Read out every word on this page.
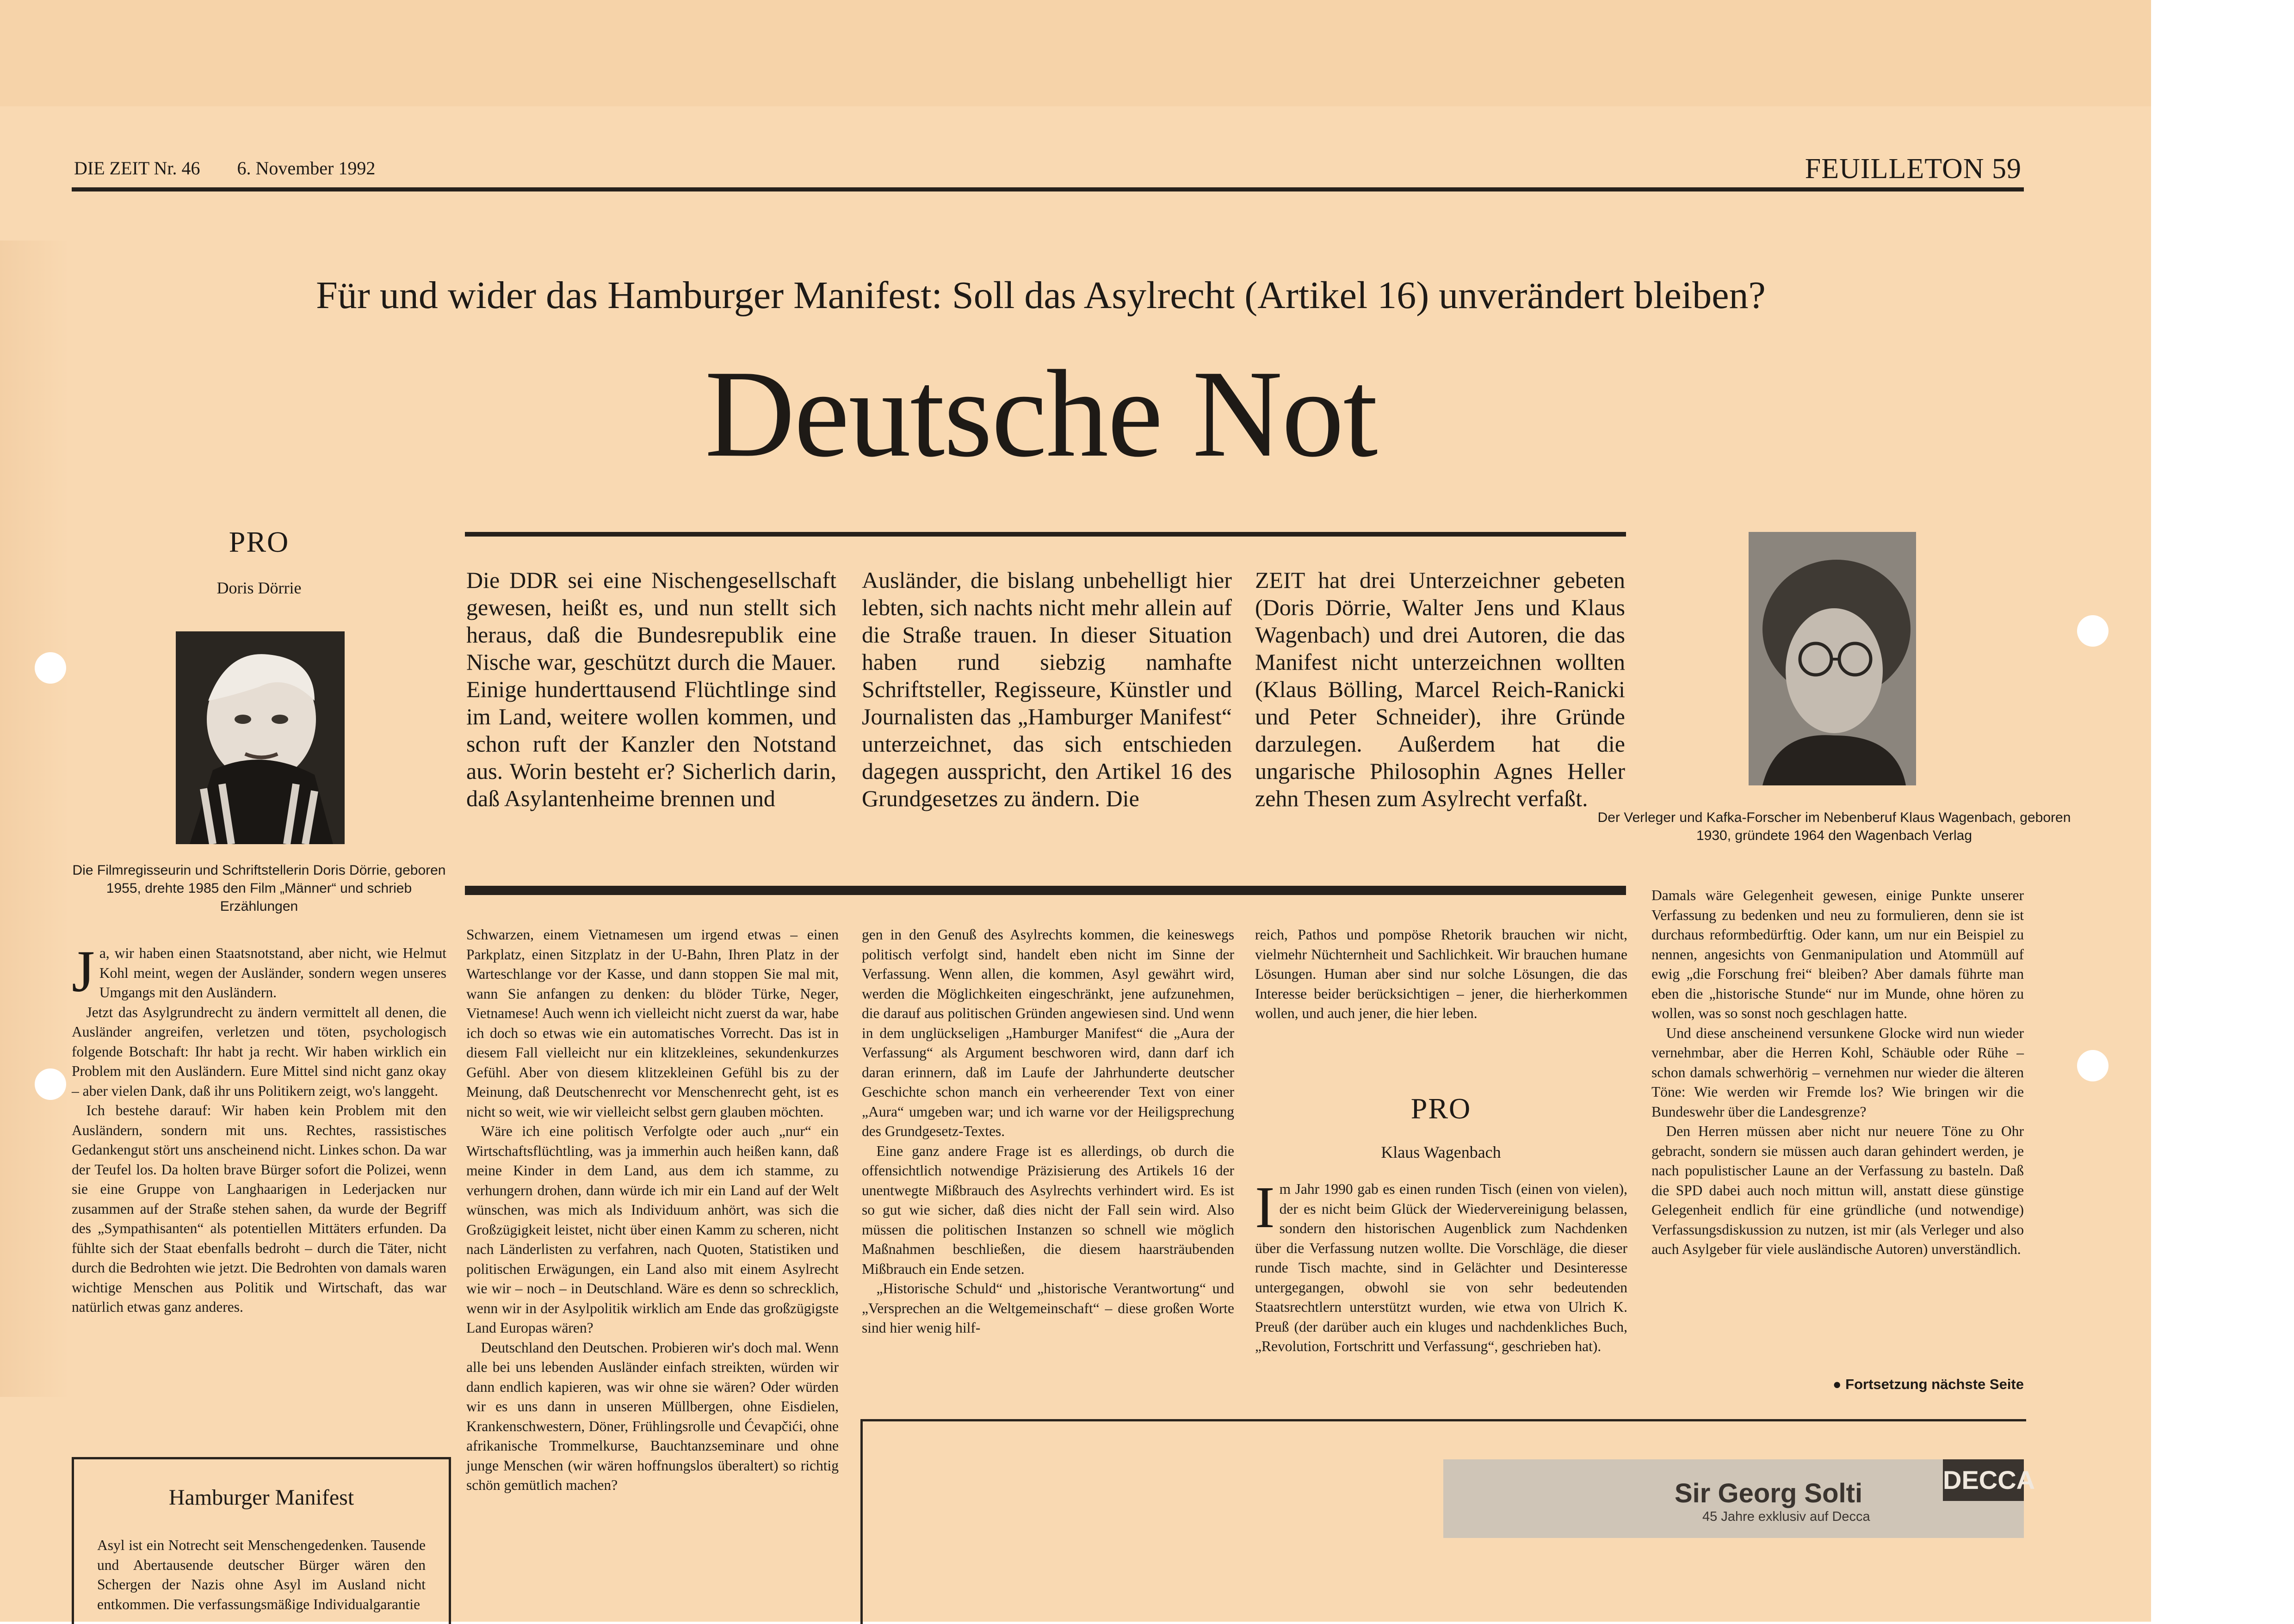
DIE ZEIT Nr. 46 6. November 1992	FEUILLETON 59
Für und wider das Hamburger Manifest: Soll das Asylrecht (Artikel 16) unverändert bleiben?
Deutsche Not
PRO
Doris Dörrie
Die Filmregisseurin und Schriftstellerin Doris Dörrie, geboren 1955, drehte 1985 den Film „Männer“ und schrieb Erzählungen
Die DDR sei eine Nischengesellschaft gewesen, heißt es, und nun stellt sich heraus, daß die Bundesrepublik eine Nische war, geschützt durch die Mauer. Einige hunderttausend Flüchtlinge sind im Land, weitere wollen kommen, und schon ruft der Kanzler den Notstand aus. Worin besteht er? Sicherlich darin, daß Asylantenheime brennen und
Ausländer, die bislang unbehelligt hier lebten, sich nachts nicht mehr allein auf die Straße trauen. In dieser Situation haben rund siebzig namhafte Schriftsteller, Regisseure, Künstler und Journalisten das „Hamburger Manifest“ unterzeichnet, das sich entschieden dagegen ausspricht, den Artikel 16 des Grundgesetzes zu ändern. Die
ZEIT hat drei Unterzeichner gebeten (Doris Dörrie, Walter Jens und Klaus Wagenbach) und drei Autoren, die das Manifest nicht unterzeichnen wollten (Klaus Bölling, Marcel Reich-Ranicki und Peter Schneider), ihre Gründe darzulegen. Außerdem hat die ungarische Philosophin Agnes Heller zehn Thesen zum Asylrecht verfaßt.
Der Verleger und Kafka-Forscher im Nebenberuf Klaus Wagenbach, geboren 1930, gründete 1964 den Wagenbach Verlag

Ja, wir haben einen Staatsnotstand, aber nicht, wie Helmut Kohl meint, wegen der Ausländer, sondern wegen unseres Umgangs mit den Ausländern.

Jetzt das Asylgrundrecht zu ändern vermittelt all denen, die Ausländer angreifen, verletzen und töten, psychologisch folgende Botschaft: Ihr habt ja recht. Wir haben wirklich ein Problem mit den Ausländern. Eure Mittel sind nicht ganz okay – aber vielen Dank, daß ihr uns Politikern zeigt, wo's langgeht.

Ich bestehe darauf: Wir haben kein Problem mit den Ausländern, sondern mit uns. Rechtes, rassistisches Gedankengut stört uns anscheinend nicht. Linkes schon. Da war der Teufel los. Da holten brave Bürger sofort die Polizei, wenn sie eine Gruppe von Langhaarigen in Lederjacken nur zusammen auf der Straße stehen sahen, da wurde der Begriff des „Sympathisanten“ als potentiellen Mittäters erfunden. Da fühlte sich der Staat ebenfalls bedroht – durch die Täter, nicht durch die Bedrohten wie jetzt. Die Bedrohten von damals waren wichtige Menschen aus Politik und Wirtschaft, das war natürlich etwas ganz anderes.

Hamburger Manifest

Asyl ist ein Notrecht seit Menschengedenken. Tausende und Abertausende deutscher Bürger wären den Schergen der Nazis ohne Asyl im Ausland nicht entkommen. Die verfassungsmäßige Individualgarantie

Schwarzen, einem Vietnamesen um irgend etwas – einen Parkplatz, einen Sitzplatz in der U-Bahn, Ihren Platz in der Warteschlange vor der Kasse, und dann stoppen Sie mal mit, wann Sie anfangen zu denken: du blöder Türke, Neger, Vietnamese! Auch wenn ich vielleicht nicht zuerst da war, habe ich doch so etwas wie ein automatisches Vorrecht. Das ist in diesem Fall vielleicht nur ein klitzekleines, sekundenkurzes Gefühl. Aber von diesem klitzekleinen Gefühl bis zu der Meinung, daß Deutschenrecht vor Menschenrecht geht, ist es nicht so weit, wie wir vielleicht selbst gern glauben möchten.

Wäre ich eine politisch Verfolgte oder auch „nur“ ein Wirtschaftsflüchtling, was ja immerhin auch heißen kann, daß meine Kinder in dem Land, aus dem ich stamme, zu verhungern drohen, dann würde ich mir ein Land auf der Welt wünschen, was mich als Individuum anhört, was sich die Großzügigkeit leistet, nicht über einen Kamm zu scheren, nicht nach Länderlisten zu verfahren, nach Quoten, Statistiken und politischen Erwägungen, ein Land also mit einem Asylrecht wie wir – noch – in Deutschland. Wäre es denn so schrecklich, wenn wir in der Asylpolitik wirklich am Ende das großzügigste Land Europas wären?

Deutschland den Deutschen. Probieren wir's doch mal. Wenn alle bei uns lebenden Ausländer einfach streikten, würden wir dann endlich kapieren, was wir ohne sie wären? Oder würden wir es uns dann in unseren Müllbergen, ohne Eisdielen, Krankenschwestern, Döner, Frühlingsrolle und Ćevapčići, ohne afrikanische Trommelkurse, Bauchtanzseminare und ohne junge Menschen (wir wären hoffnungslos überaltert) so richtig schön gemütlich machen?

gen in den Genuß des Asylrechts kommen, die keineswegs politisch verfolgt sind, handelt eben nicht im Sinne der Verfassung. Wenn allen, die kommen, Asyl gewährt wird, werden die Möglichkeiten eingeschränkt, jene aufzunehmen, die darauf aus politischen Gründen angewiesen sind. Und wenn in dem unglückseligen „Hamburger Manifest“ die „Aura der Verfassung“ als Argument beschworen wird, dann darf ich daran erinnern, daß im Laufe der Jahrhunderte deutscher Geschichte schon manch ein verheerender Text von einer „Aura“ umgeben war; und ich warne vor der Heiligsprechung des Grundgesetz-Textes.

Eine ganz andere Frage ist es allerdings, ob durch die offensichtlich notwendige Präzisierung des Artikels 16 der unentwegte Mißbrauch des Asylrechts verhindert wird. Es ist so gut wie sicher, daß dies nicht der Fall sein wird. Also müssen die politischen Instanzen so schnell wie möglich Maßnahmen beschließen, die diesem haarsträubenden Mißbrauch ein Ende setzen.

„Historische Schuld“ und „historische Verantwortung“ und „Versprechen an die Weltgemeinschaft“ – diese großen Worte sind hier wenig hilf-

reich, Pathos und pompöse Rhetorik brauchen wir nicht, vielmehr Nüchternheit und Sachlichkeit. Wir brauchen humane Lösungen. Human aber sind nur solche Lösungen, die das Interesse beider berücksichtigen – jener, die hierherkommen wollen, und auch jener, die hier leben.

PRO
Klaus Wagenbach

Im Jahr 1990 gab es einen runden Tisch (einen von vielen), der es nicht beim Glück der Wiedervereinigung belassen, sondern den historischen Augenblick zum Nachdenken über die Verfassung nutzen wollte. Die Vorschläge, die dieser runde Tisch machte, sind in Gelächter und Desinteresse untergegangen, obwohl sie von sehr bedeutenden Staatsrechtlern unterstützt wurden, wie etwa von Ulrich K. Preuß (der darüber auch ein kluges und nachdenkliches Buch, „Revolution, Fortschritt und Verfassung“, geschrieben hat).

Damals wäre Gelegenheit gewesen, einige Punkte unserer Verfassung zu bedenken und neu zu formulieren, denn sie ist durchaus reformbedürftig. Oder kann, um nur ein Beispiel zu nennen, angesichts von Genmanipulation und Atommüll auf ewig „die Forschung frei“ bleiben? Aber damals führte man eben die „historische Stunde“ nur im Munde, ohne hören zu wollen, was so sonst noch geschlagen hatte.

Und diese anscheinend versunkene Glocke wird nun wieder vernehmbar, aber die Herren Kohl, Schäuble oder Rühe – schon damals schwerhörig – vernehmen nur wieder die älteren Töne: Wie werden wir Fremde los? Wie bringen wir die Bundeswehr über die Landesgrenze?

Den Herren müssen aber nicht nur neuere Töne zu Ohr gebracht, sondern sie müssen auch daran gehindert werden, je nach populistischer Laune an der Verfassung zu basteln. Daß die SPD dabei auch noch mittun will, anstatt diese günstige Gelegenheit endlich für eine gründliche (und notwendige) Verfassungsdiskussion zu nutzen, ist mir (als Verleger und also auch Asylgeber für viele ausländische Autoren) unverständlich.

● Fortsetzung nächste Seite
Sir Georg Solti
45 Jahre exklusiv auf Decca
DECCA
